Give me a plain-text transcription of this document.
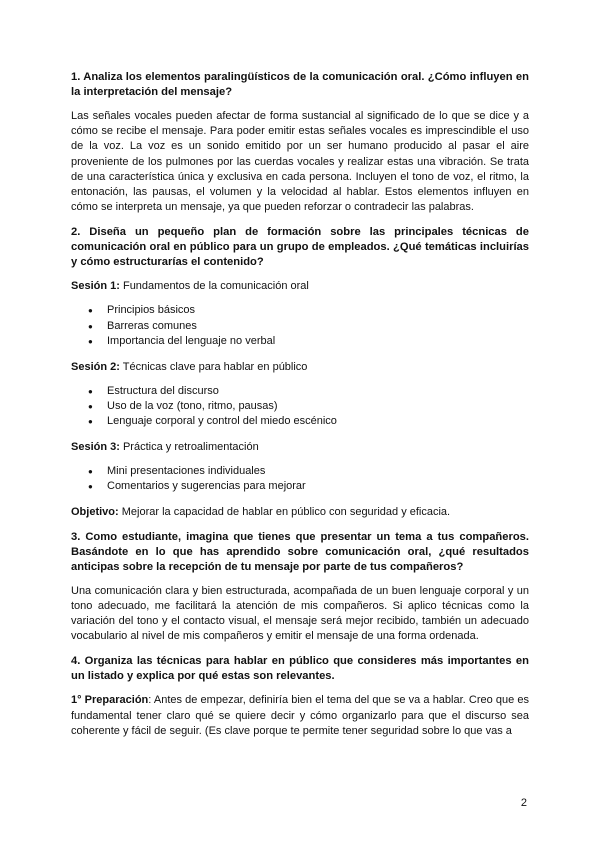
1. Analiza los elementos paralingüísticos de la comunicación oral. ¿Cómo influyen en la interpretación del mensaje?
Las señales vocales pueden afectar de forma sustancial al significado de lo que se dice y a cómo se recibe el mensaje. Para poder emitir estas señales vocales es imprescindible el uso de la voz. La voz es un sonido emitido por un ser humano producido al pasar el aire proveniente de los pulmones por las cuerdas vocales y realizar estas una vibración. Se trata de una característica única y exclusiva en cada persona. Incluyen el tono de voz, el ritmo, la entonación, las pausas, el volumen y la velocidad al hablar. Estos elementos influyen en cómo se interpreta un mensaje, ya que pueden reforzar o contradecir las palabras.
2. Diseña un pequeño plan de formación sobre las principales técnicas de comunicación oral en público para un grupo de empleados. ¿Qué temáticas incluirías y cómo estructurarías el contenido?
Sesión 1: Fundamentos de la comunicación oral
● Principios básicos
● Barreras comunes
● Importancia del lenguaje no verbal
Sesión 2: Técnicas clave para hablar en público
● Estructura del discurso
● Uso de la voz (tono, ritmo, pausas)
● Lenguaje corporal y control del miedo escénico
Sesión 3: Práctica y retroalimentación
● Mini presentaciones individuales
● Comentarios y sugerencias para mejorar
Objetivo: Mejorar la capacidad de hablar en público con seguridad y eficacia.
3. Como estudiante, imagina que tienes que presentar un tema a tus compañeros. Basándote en lo que has aprendido sobre comunicación oral, ¿qué resultados anticipas sobre la recepción de tu mensaje por parte de tus compañeros?
Una comunicación clara y bien estructurada, acompañada de un buen lenguaje corporal y un tono adecuado, me facilitará la atención de mis compañeros. Si aplico técnicas como la variación del tono y el contacto visual, el mensaje será mejor recibido, también un adecuado vocabulario al nivel de mis compañeros y emitir el mensaje de una forma ordenada.
4. Organiza las técnicas para hablar en público que consideres más importantes en un listado y explica por qué estas son relevantes.
1° Preparación: Antes de empezar, definiría bien el tema del que se va a hablar. Creo que es fundamental tener claro qué se quiere decir y cómo organizarlo para que el discurso sea coherente y fácil de seguir. (Es clave porque te permite tener seguridad sobre lo que vas a
2
